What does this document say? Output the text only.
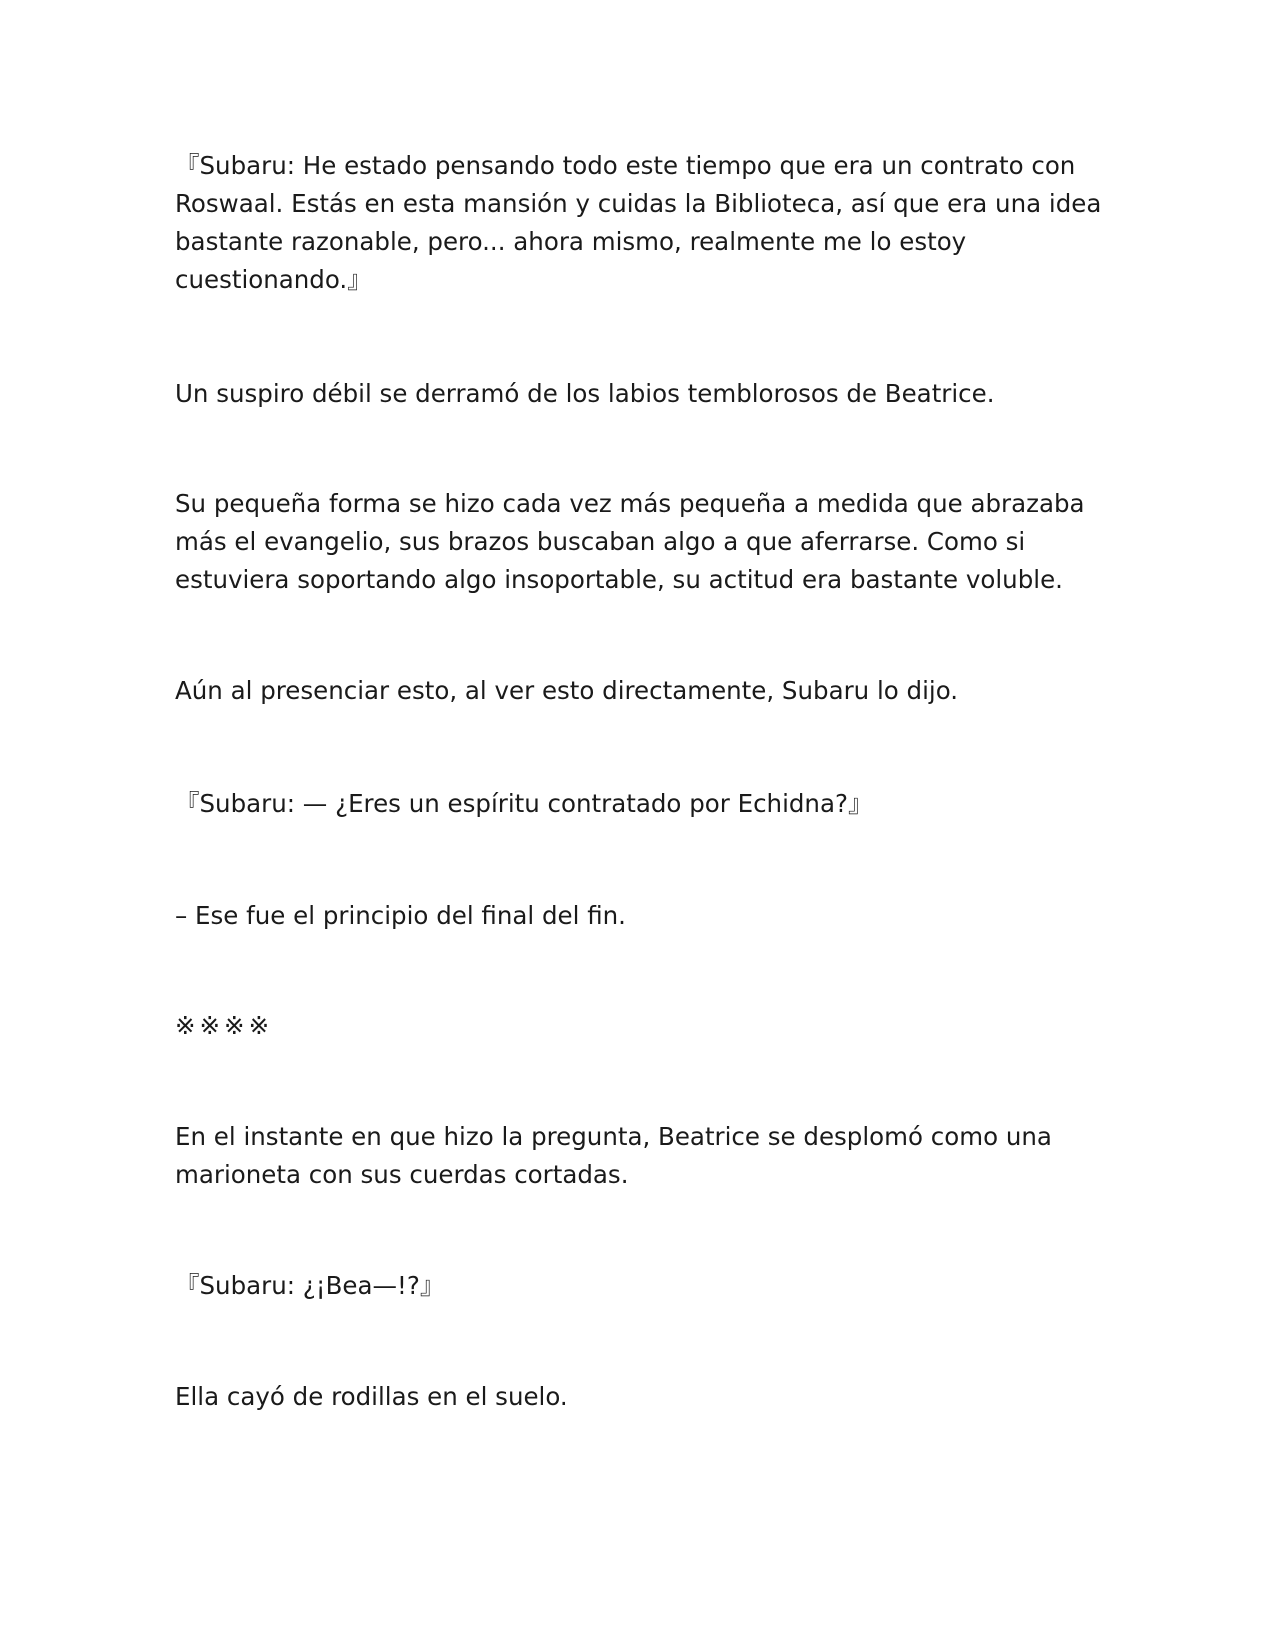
『Subaru: He estado pensando todo este tiempo que era un contrato con Roswaal. Estás en esta mansión y cuidas la Biblioteca, así que era una idea bastante razonable, pero... ahora mismo, realmente me lo estoy cuestionando.』

Un suspiro débil se derramó de los labios temblorosos de Beatrice.

Su pequeña forma se hizo cada vez más pequeña a medida que abrazaba más el evangelio, sus brazos buscaban algo a que aferrarse. Como si estuviera soportando algo insoportable, su actitud era bastante voluble.

Aún al presenciar esto, al ver esto directamente, Subaru lo dijo.

『Subaru: — ¿Eres un espíritu contratado por Echidna?』

– Ese fue el principio del final del fin.

※※※※

En el instante en que hizo la pregunta, Beatrice se desplomó como una marioneta con sus cuerdas cortadas.

『Subaru: ¿¡Bea—!?』

Ella cayó de rodillas en el suelo.
